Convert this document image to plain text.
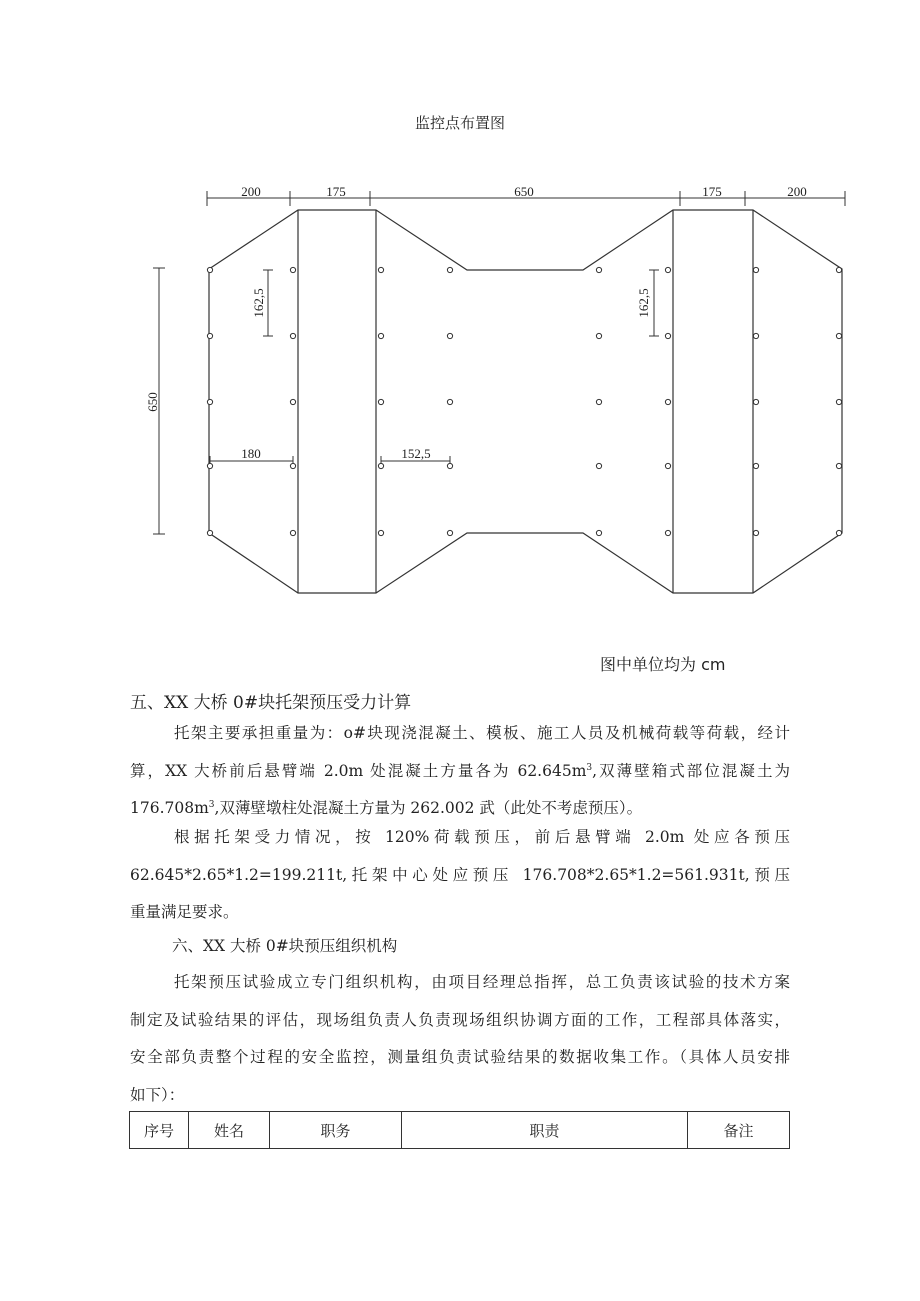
监控点布置图
200	175	650	175	200
650
162,5	162,5
180	152,5
图中单位均为 cm
五、XX 大桥 0#块托架预压受力计算
托架主要承担重量为：o#块现浇混凝土、模板、施工人员及机械荷载等荷载，经计
算，XX 大桥前后悬臂端 2.0m 处混凝土方量各为 $62.645m^3$,双薄壁箱式部位混凝土为
$176.708m^3$,双薄壁墩柱处混凝土方量为 262.002 武（此处不考虑预压）。
根据托架受力情况，按 120%荷载预压，前后悬臂端 2.0m 处应各预压
62.645*2.65*1.2=199.211t,托架中心处应预压 176.708*2.65*1.2=561.931t,预压
重量满足要求。
六、XX 大桥 0#块预压组织机构
托架预压试验成立专门组织机构，由项目经理总指挥，总工负责该试验的技术方案
制定及试验结果的评估，现场组负责人负责现场组织协调方面的工作，工程部具体落实，
安全部负责整个过程的安全监控，测量组负责试验结果的数据收集工作。（具体人员安排
如下）：
序号	姓名	职务	职责	备注
